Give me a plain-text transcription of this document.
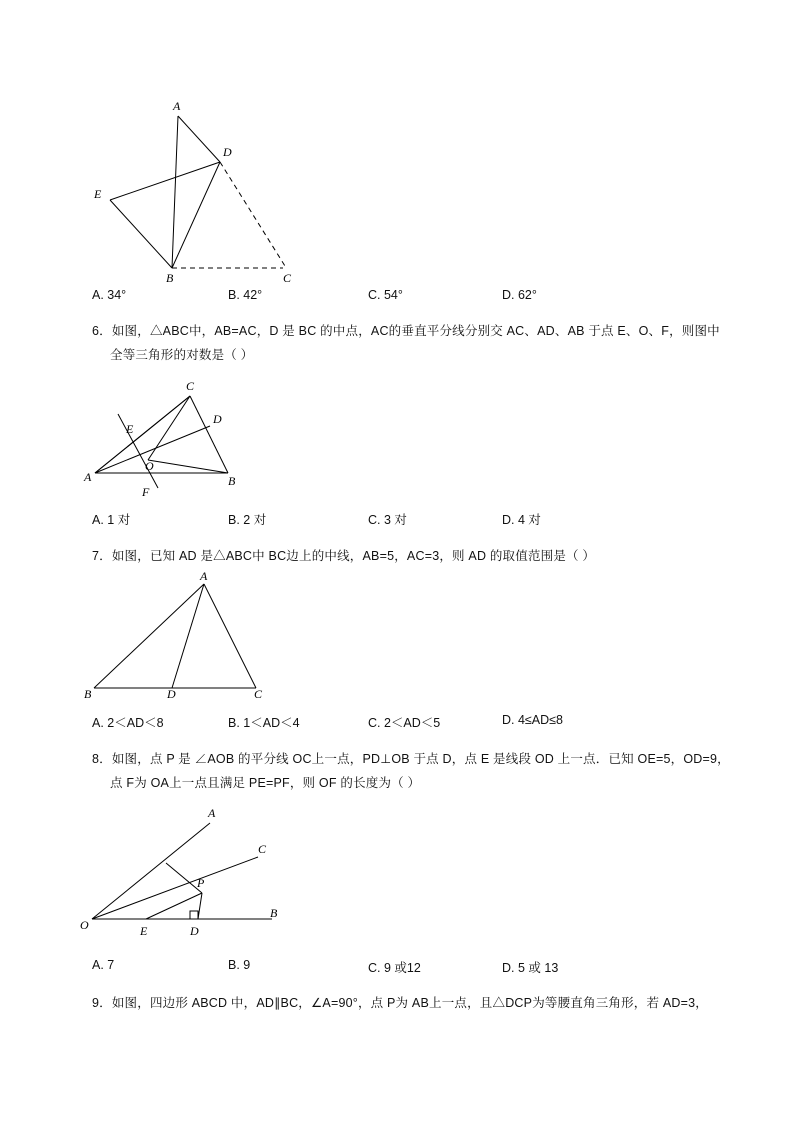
A
D
E
B	C
A. 34°	B. 42°	C. 54°	D. 62°
6．如图，△ABC中，AB=AC，D 是 BC 的中点，AC的垂直平分线分别交 AC、AD、AB 于点 E、O、F，则图中
全等三角形的对数是（ ）
C
D
E
A
O
F
B
A. 1 对	B. 2 对	C. 3 对	D. 4 对
7．如图，已知 AD 是△ABC中 BC边上的中线，AB=5，AC=3，则 AD 的取值范围是（ ）
A
B	D	C
A. 2＜AD＜8	B. 1＜AD＜4	C. 2＜AD＜5	D. 4≤AD≤8
8．如图，点 P 是 ∠AOB 的平分线 OC上一点，PD⊥OB 于点 D，点 E 是线段 OD 上一点．已知 OE=5，OD=9，
点 F为 OA上一点且满足 PE=PF，则 OF 的长度为（ ）
A
C
P
O	E	D
B
A. 7	B. 9	C. 9 或12	D. 5 或 13
9．如图，四边形 ABCD 中，AD∥BC，∠A=90°，点 P为 AB上一点，且△DCP为等腰直角三角形，若 AD=3，
